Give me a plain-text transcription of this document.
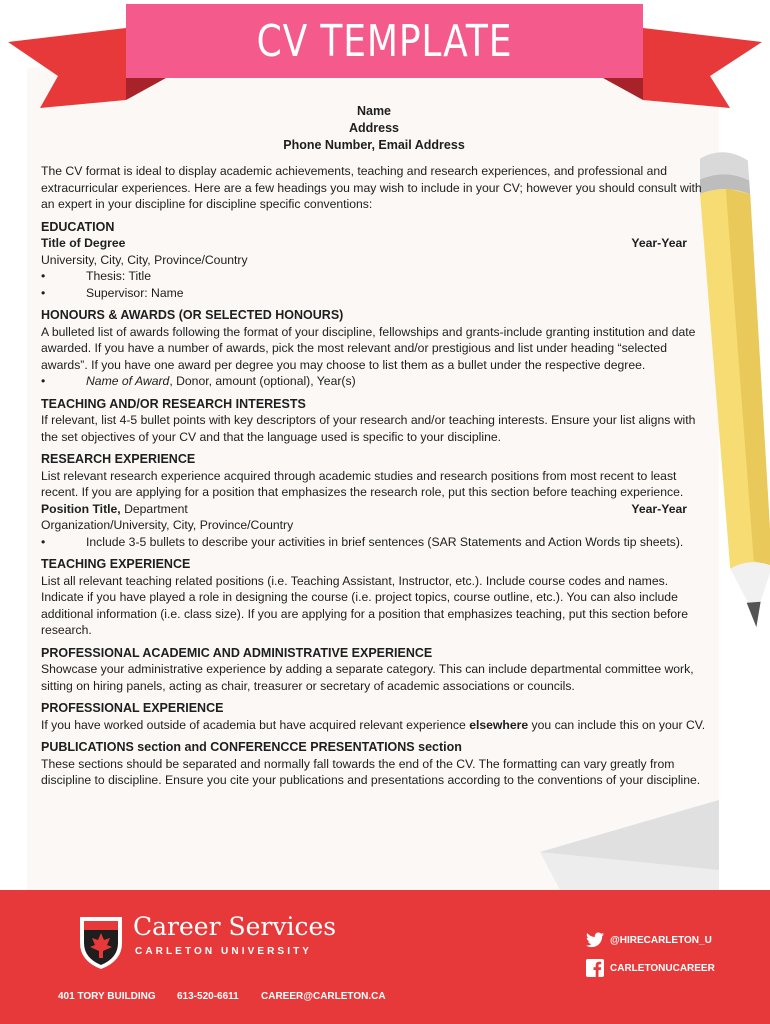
CV TEMPLATE
Name
Address
Phone Number, Email Address
The CV format is ideal to display academic achievements, teaching and research experiences, and professional and extracurricular experiences. Here are a few headings you may wish to include in your CV; however you should consult with an expert in your discipline for discipline specific conventions:
EDUCATION
Title of Degree	Year-Year
University, City, City, Province/Country
•	Thesis: Title
•	Supervisor: Name
HONOURS & AWARDS (OR SELECTED HONOURS)
A bulleted list of awards following the format of your discipline, fellowships and grants-include granting institution and date awarded. If you have a number of awards, pick the most relevant and/or prestigious and list under heading “selected awards”. If you have one award per degree you may choose to list them as a bullet under the respective degree.
•	Name of Award, Donor, amount (optional), Year(s)
TEACHING AND/OR RESEARCH INTERESTS
If relevant, list 4-5 bullet points with key descriptors of your research and/or teaching interests. Ensure your list aligns with the set objectives of your CV and that the language used is specific to your discipline.
RESEARCH EXPERIENCE
List relevant research experience acquired through academic studies and research positions from most recent to least recent. If you are applying for a position that emphasizes the research role, put this section before teaching experience.
Position Title, Department	Year-Year
Organization/University, City, Province/Country
•	Include 3-5 bullets to describe your activities in brief sentences (SAR Statements and Action Words tip sheets).
TEACHING EXPERIENCE
List all relevant teaching related positions (i.e. Teaching Assistant, Instructor, etc.). Include course codes and names. Indicate if you have played a role in designing the course (i.e. project topics, course outline, etc.). You can also include additional information (i.e. class size). If you are applying for a position that emphasizes teaching, put this section before research.
PROFESSIONAL ACADEMIC AND ADMINISTRATIVE EXPERIENCE
Showcase your administrative experience by adding a separate category. This can include departmental committee work, sitting on hiring panels, acting as chair, treasurer or secretary of academic associations or councils.
PROFESSIONAL EXPERIENCE
If you have worked outside of academia but have acquired relevant experience elsewhere you can include this on your CV.
PUBLICATIONS section and CONFERENCCE PRESENTATIONS section
These sections should be separated and normally fall towards the end of the CV. The formatting can vary greatly from discipline to discipline. Ensure you cite your publications and presentations according to the conventions of your discipline.
Career Services
CARLETON UNIVERSITY
@HIRECARLETON_U
CARLETONUCAREER
401 TORY BUILDING 613-520-6611 CAREER@CARLETON.CA
